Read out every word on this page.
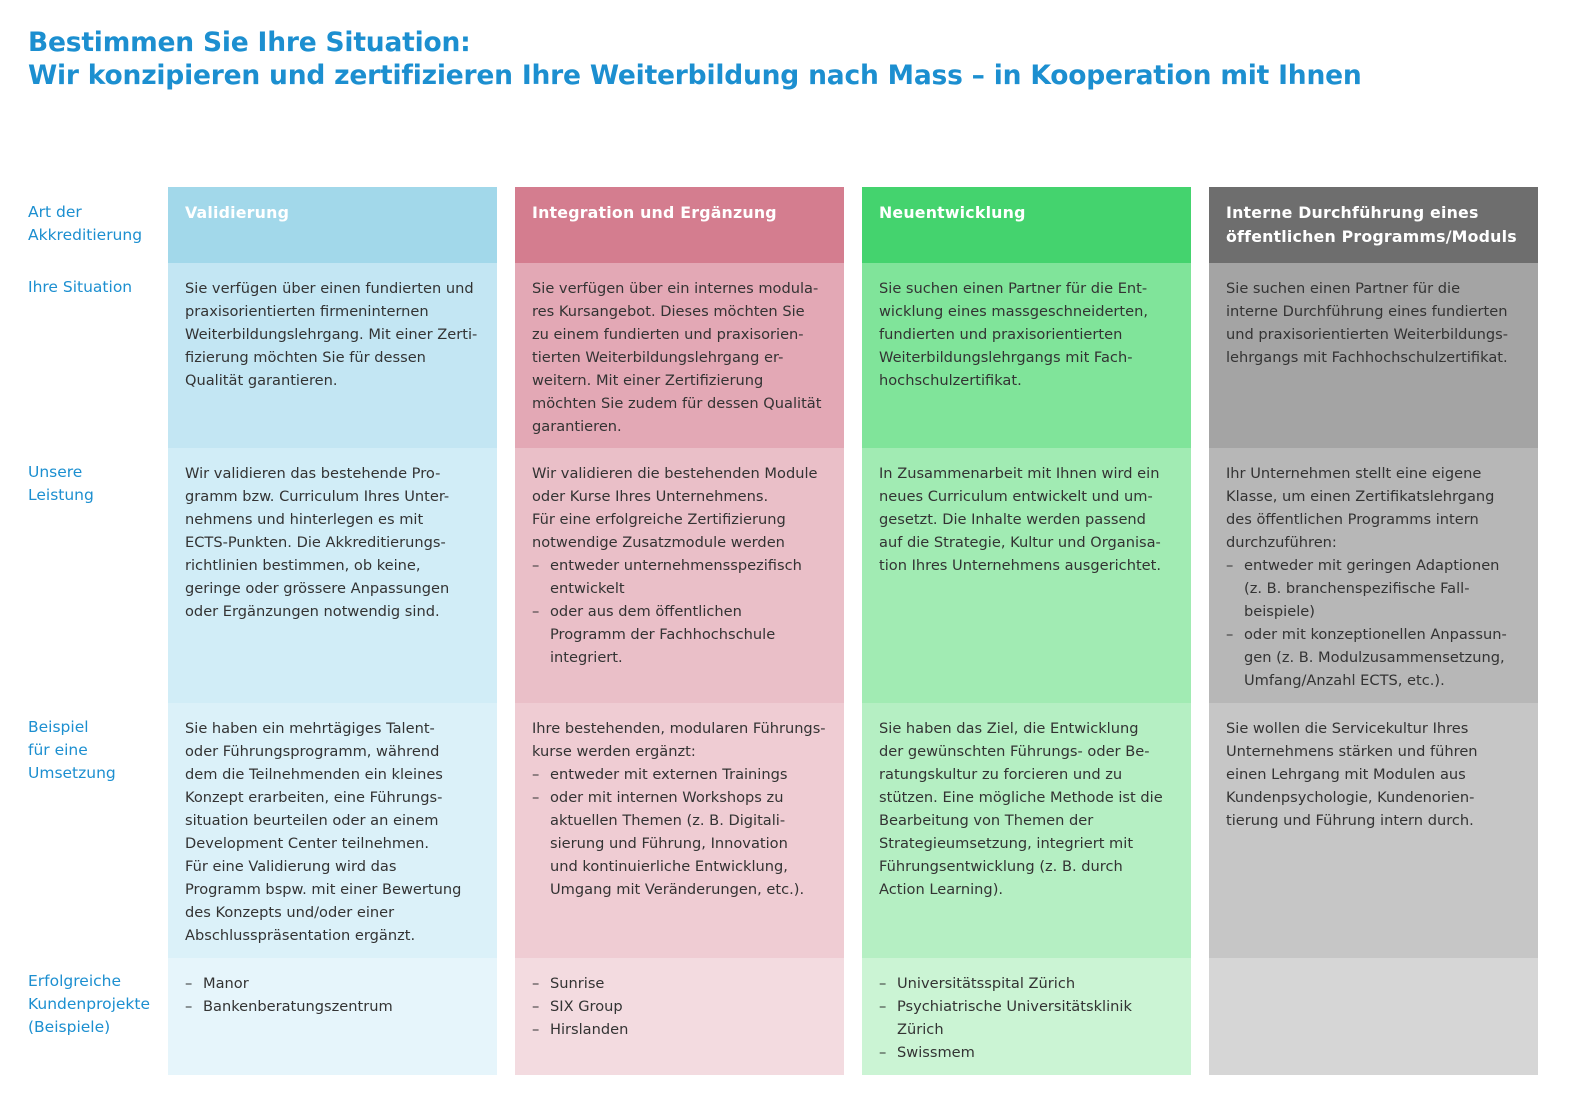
Bestimmen Sie Ihre Situation:
Wir konzipieren und zertifizieren Ihre Weiterbildung nach Mass – in Kooperation mit Ihnen
Art der
Akkreditierung
Ihre Situation
Unsere
Leistung
Beispiel
für eine
Umsetzung
Erfolgreiche
Kundenprojekte
(Beispiele)
Validierung
Sie verfügen über einen fundierten und
praxisorientierten firmeninternen
Weiterbildungslehrgang. Mit einer Zerti-
fizierung möchten Sie für dessen
Qualität garantieren.
Wir validieren das bestehende Pro-
gramm bzw. Curriculum Ihres Unter-
nehmens und hinterlegen es mit
ECTS-Punkten. Die Akkreditierungs-
richtlinien bestimmen, ob keine,
geringe oder grössere Anpassungen
oder Ergänzungen notwendig sind.
Sie haben ein mehrtägiges Talent-
oder Führungsprogramm, während
dem die Teilnehmenden ein kleines
Konzept erarbeiten, eine Führungs-
situation beurteilen oder an einem
Development Center teilnehmen.
Für eine Validierung wird das
Programm bspw. mit einer Bewertung
des Konzepts und/oder einer
Abschlusspräsentation ergänzt.
– Manor
– Bankenberatungszentrum
Integration und Ergänzung
Sie verfügen über ein internes modula-
res Kursangebot. Dieses möchten Sie
zu einem fundierten und praxisorien-
tierten Weiterbildungslehrgang er-
weitern. Mit einer Zertifizierung
möchten Sie zudem für dessen Qualität
garantieren.
Wir validieren die bestehenden Module
oder Kurse Ihres Unternehmens.
Für eine erfolgreiche Zertifizierung
notwendige Zusatzmodule werden
– entweder unternehmensspezifisch
entwickelt
– oder aus dem öffentlichen
Programm der Fachhochschule
integriert.
Ihre bestehenden, modularen Führungs-
kurse werden ergänzt:
– entweder mit externen Trainings
– oder mit internen Workshops zu
aktuellen Themen (z. B. Digitali-
sierung und Führung, Innovation
und kontinuierliche Entwicklung,
Umgang mit Veränderungen, etc.).
– Sunrise
– SIX Group
– Hirslanden
Neuentwicklung
Sie suchen einen Partner für die Ent-
wicklung eines massgeschneiderten,
fundierten und praxisorientierten
Weiterbildungslehrgangs mit Fach-
hochschulzertifikat.
In Zusammenarbeit mit Ihnen wird ein
neues Curriculum entwickelt und um-
gesetzt. Die Inhalte werden passend
auf die Strategie, Kultur und Organisa-
tion Ihres Unternehmens ausgerichtet.
Sie haben das Ziel, die Entwicklung
der gewünschten Führungs- oder Be-
ratungskultur zu forcieren und zu
stützen. Eine mögliche Methode ist die
Bearbeitung von Themen der
Strategieumsetzung, integriert mit
Führungsentwicklung (z. B. durch
Action Learning).
– Universitätsspital Zürich
– Psychiatrische Universitätsklinik
Zürich
– Swissmem
Interne Durchführung eines
öffentlichen Programms/Moduls
Sie suchen einen Partner für die
interne Durchführung eines fundierten
und praxisorientierten Weiterbildungs-
lehrgangs mit Fachhochschulzertifikat.
Ihr Unternehmen stellt eine eigene
Klasse, um einen Zertifikatslehrgang
des öffentlichen Programms intern
durchzuführen:
– entweder mit geringen Adaptionen
(z. B. branchenspezifische Fall-
beispiele)
– oder mit konzeptionellen Anpassun-
gen (z. B. Modulzusammensetzung,
Umfang/Anzahl ECTS, etc.).
Sie wollen die Servicekultur Ihres
Unternehmens stärken und führen
einen Lehrgang mit Modulen aus
Kundenpsychologie, Kundenorien-
tierung und Führung intern durch.
